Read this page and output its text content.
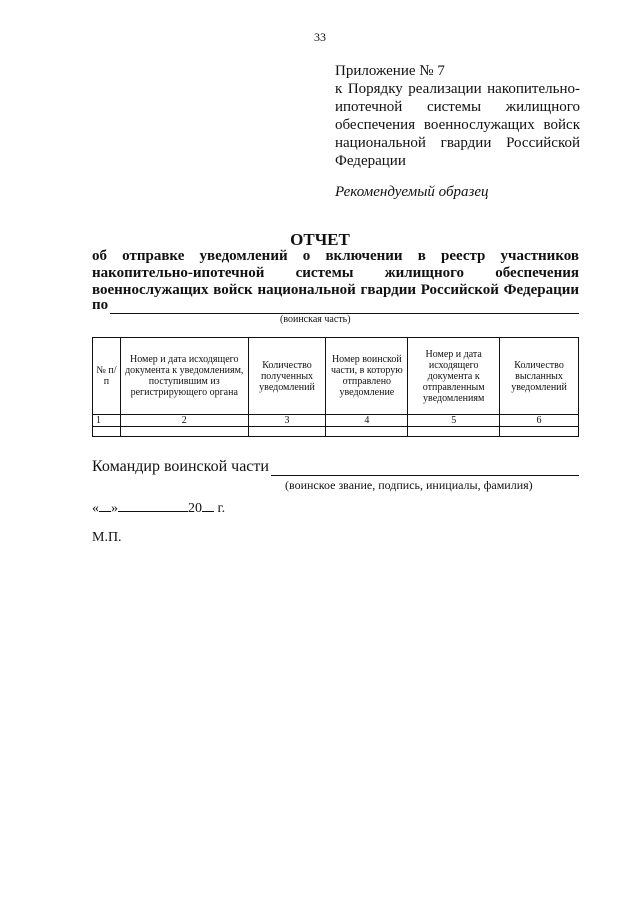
33
Приложение № 7
к Порядку реализации накопительно-
ипотечной системы жилищного
обеспечения военнослужащих войск
национальной гвардии Российской
Федерации
Рекомендуемый образец
ОТЧЕТ
об отправке уведомлений о включении в реестр участников
накопительно-ипотечной системы жилищного обеспечения
военнослужащих войск национальной гвардии Российской Федерации
по
(воинская часть)
№ п/п	Номер и дата исходящего документа к уведомлениям, поступившим из регистрирующего органа	Количество полученных уведомлений	Номер воинской части, в которую отправлено уведомление	Номер и дата исходящего документа к отправленным уведомлениям	Количество высланных уведомлений
1	2	3	4	5	6

Командир воинской части
(воинское звание, подпись, инициалы, фамилия)
« »	20 г.
М.П.
